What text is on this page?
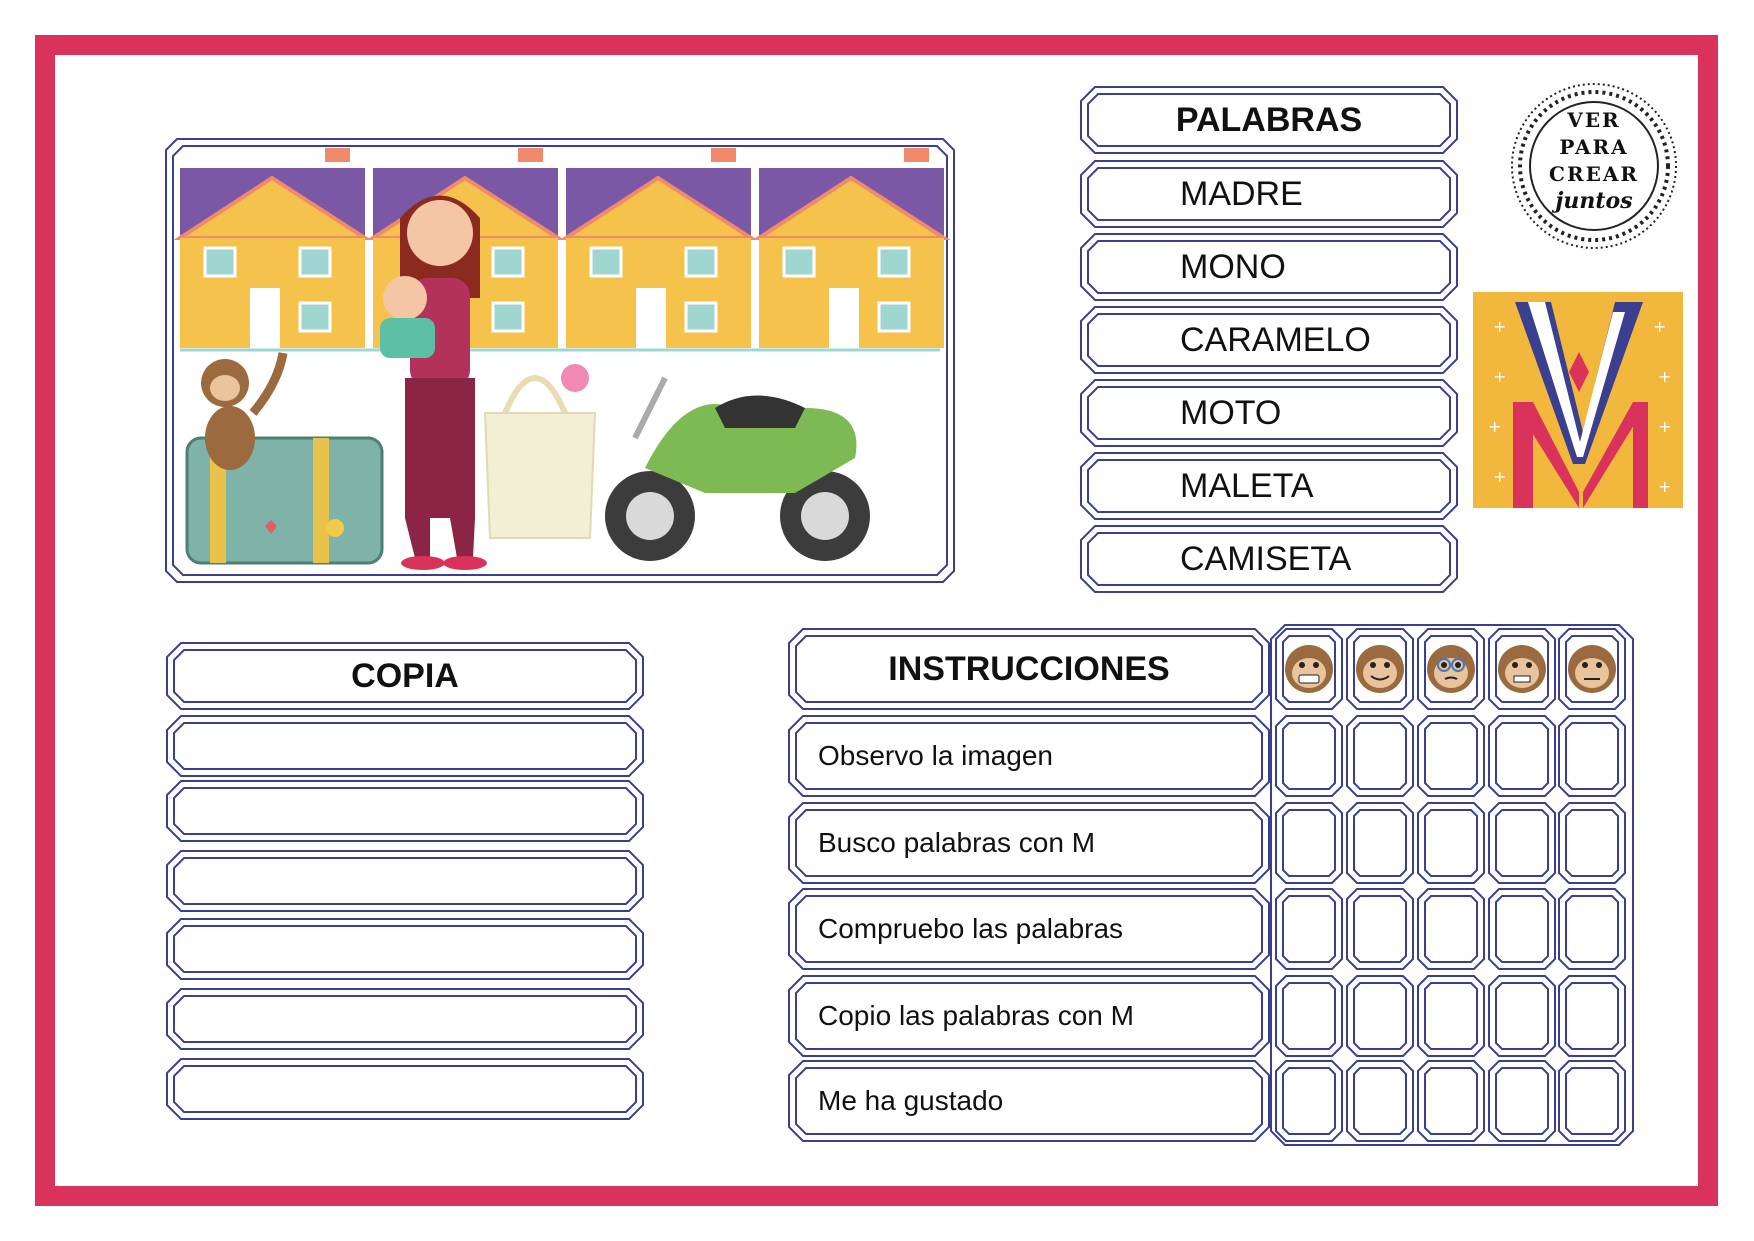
PALABRAS
MADRE
MONO
CARAMELO
MOTO
MALETA
CAMISETA
VER
PARA
CREAR
juntos
+	+
+	+
+	+
+
+
COPIA	INSTRUCCIONES
Observo la imagen
Busco palabras con M
Compruebo las palabras
Copio las palabras con M
Me ha gustado
